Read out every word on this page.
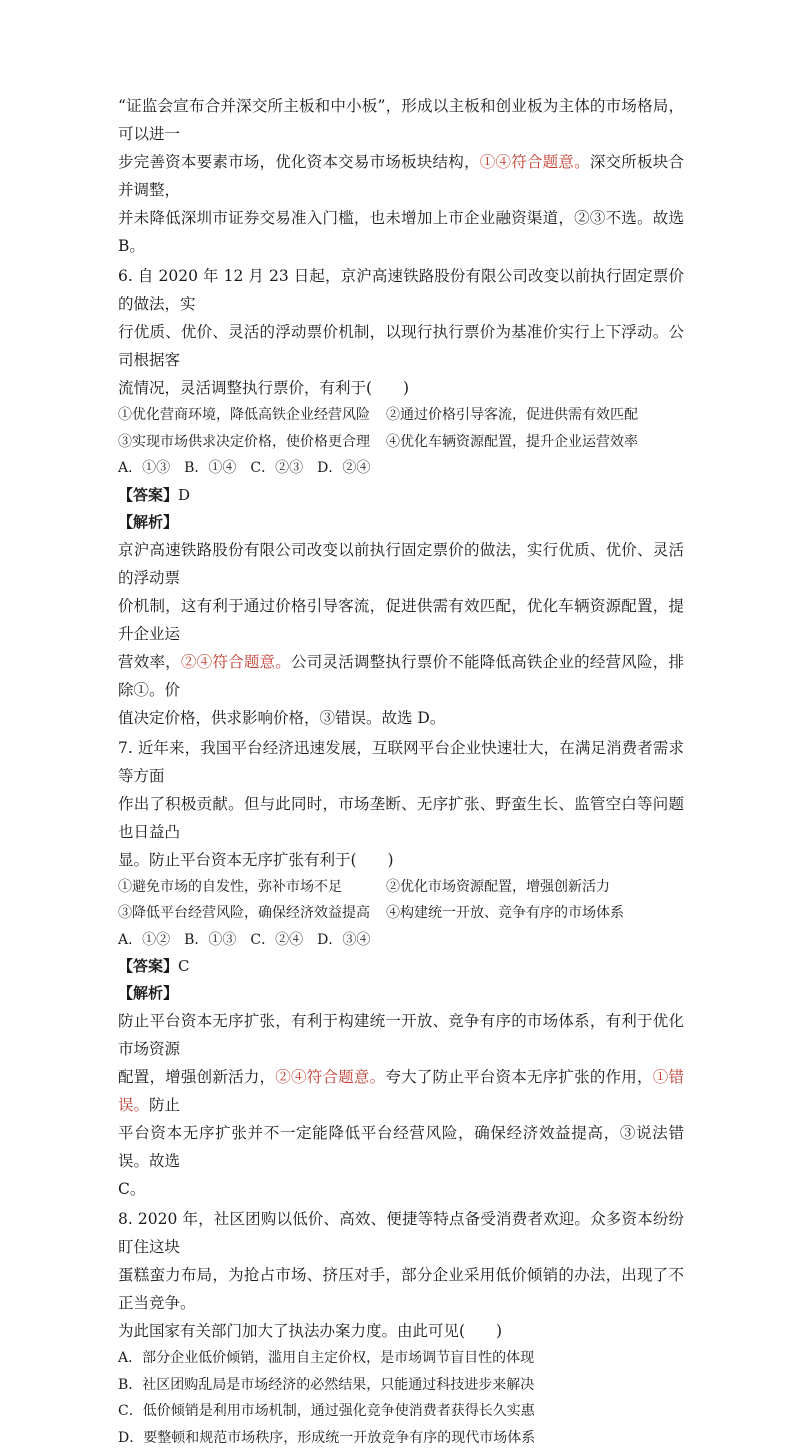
“证监会宣布合并深交所主板和中小板”，形成以主板和创业板为主体的市场格局，可以进一

步完善资本要素市场，优化资本交易市场板块结构，①④符合题意。深交所板块合并调整，

并未降低深圳市证券交易准入门槛，也未增加上市企业融资渠道，②③不选。故选 B。

6. 自 2020 年 12 月 23 日起，京沪高速铁路股份有限公司改变以前执行固定票价的做法，实

行优质、优价、灵活的浮动票价机制，以现行执行票价为基准价实行上下浮动。公司根据客

流情况，灵活调整执行票价，有利于(　　)

①优化营商环境，降低高铁企业经营风险	②通过价格引导客流，促进供需有效匹配
③实现市场供求决定价格，使价格更合理	④优化车辆资源配置，提升企业运营效率

A．①③　B．①④　C．②③　D．②④

【答案】D

【解析】

京沪高速铁路股份有限公司改变以前执行固定票价的做法，实行优质、优价、灵活的浮动票

价机制，这有利于通过价格引导客流，促进供需有效匹配，优化车辆资源配置，提升企业运

营效率，②④符合题意。公司灵活调整执行票价不能降低高铁企业的经营风险，排除①。价

值决定价格，供求影响价格，③错误。故选 D。

7. 近年来，我国平台经济迅速发展，互联网平台企业快速壮大，在满足消费者需求等方面

作出了积极贡献。但与此同时，市场垄断、无序扩张、野蛮生长、监管空白等问题也日益凸

显。防止平台资本无序扩张有利于(　　)

①避免市场的自发性，弥补市场不足	②优化市场资源配置，增强创新活力
③降低平台经营风险，确保经济效益提高	④构建统一开放、竞争有序的市场体系

A．①②　B．①③　C．②④　D．③④

【答案】C

【解析】

防止平台资本无序扩张，有利于构建统一开放、竞争有序的市场体系，有利于优化市场资源

配置，增强创新活力，②④符合题意。夸大了防止平台资本无序扩张的作用，①错误。防止

平台资本无序扩张并不一定能降低平台经营风险，确保经济效益提高，③说法错误。故选

C。

8. 2020 年，社区团购以低价、高效、便捷等特点备受消费者欢迎。众多资本纷纷盯住这块

蛋糕蛮力布局，为抢占市场、挤压对手，部分企业采用低价倾销的办法，出现了不正当竞争。

为此国家有关部门加大了执法办案力度。由此可见(　　)

A．部分企业低价倾销，滥用自主定价权，是市场调节盲目性的体现

B．社区团购乱局是市场经济的必然结果，只能通过科技进步来解决

C．低价倾销是利用市场机制，通过强化竞争使消费者获得长久实惠

D．要整顿和规范市场秩序，形成统一开放竞争有序的现代市场体系
